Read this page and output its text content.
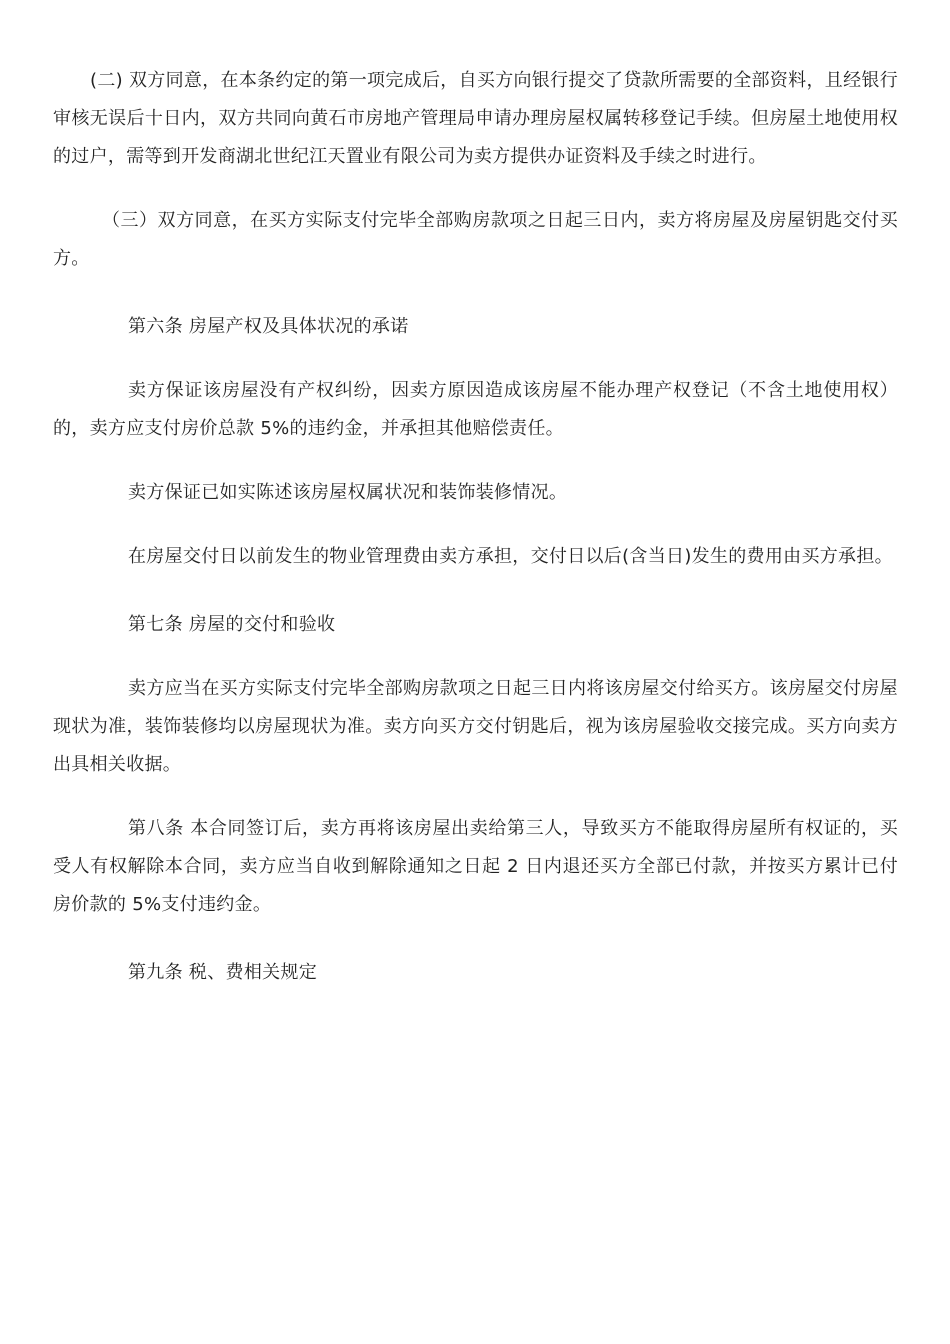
(二) 双方同意，在本条约定的第一项完成后，自买方向银行提交了贷款所需要的全部资料，且经银行审核无误后十日内，双方共同向黄石市房地产管理局申请办理房屋权属转移登记手续。但房屋土地使用权的过户，需等到开发商湖北世纪江天置业有限公司为卖方提供办证资料及手续之时进行。

（三）双方同意，在买方实际支付完毕全部购房款项之日起三日内，卖方将房屋及房屋钥匙交付买方。

第六条 房屋产权及具体状况的承诺

卖方保证该房屋没有产权纠纷，因卖方原因造成该房屋不能办理产权登记（不含土地使用权）的，卖方应支付房价总款 5%的违约金，并承担其他赔偿责任。

卖方保证已如实陈述该房屋权属状况和装饰装修情况。

在房屋交付日以前发生的物业管理费由卖方承担，交付日以后(含当日)发生的费用由买方承担。

第七条 房屋的交付和验收

卖方应当在买方实际支付完毕全部购房款项之日起三日内将该房屋交付给买方。该房屋交付房屋现状为准，装饰装修均以房屋现状为准。卖方向买方交付钥匙后，视为该房屋验收交接完成。买方向卖方出具相关收据。

第八条 本合同签订后，卖方再将该房屋出卖给第三人，导致买方不能取得房屋所有权证的，买受人有权解除本合同，卖方应当自收到解除通知之日起 2 日内退还买方全部已付款，并按买方累计已付房价款的 5%支付违约金。

第九条 税、费相关规定
